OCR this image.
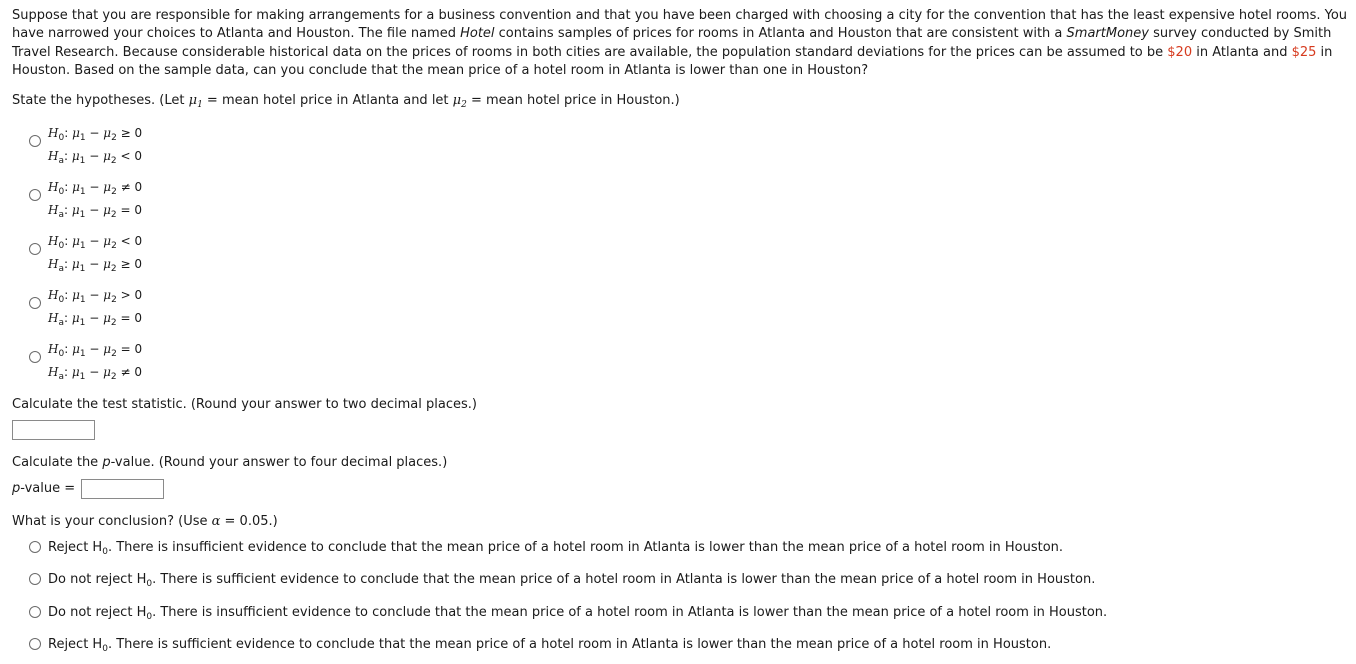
Suppose that you are responsible for making arrangements for a business convention and that you have been charged with choosing a city for the convention that has the least expensive hotel rooms. You have narrowed your choices to Atlanta and Houston. The file named Hotel contains samples of prices for rooms in Atlanta and Houston that are consistent with a SmartMoney survey conducted by Smith Travel Research. Because considerable historical data on the prices of rooms in both cities are available, the population standard deviations for the prices can be assumed to be $20 in Atlanta and $25 in Houston. Based on the sample data, can you conclude that the mean price of a hotel room in Atlanta is lower than one in Houston?
State the hypotheses. (Let $\mu_1$ = mean hotel price in Atlanta and let $\mu_2$ = mean hotel price in Houston.)
$H_0$: $\mu_1 - \mu_2 \ge 0$
$H_a$: $\mu_1 - \mu_2 < 0$
$H_0$: $\mu_1 - \mu_2 \ne 0$
$H_a$: $\mu_1 - \mu_2 = 0$
$H_0$: $\mu_1 - \mu_2 < 0$
$H_a$: $\mu_1 - \mu_2 \ge 0$
$H_0$: $\mu_1 - \mu_2 > 0$
$H_a$: $\mu_1 - \mu_2 = 0$
$H_0$: $\mu_1 - \mu_2 = 0$
$H_a$: $\mu_1 - \mu_2 \ne 0$
Calculate the test statistic. (Round your answer to two decimal places.)
Calculate the p-value. (Round your answer to four decimal places.)
p-value =
What is your conclusion? (Use α = 0.05.)
Reject $H_0$. There is insufficient evidence to conclude that the mean price of a hotel room in Atlanta is lower than the mean price of a hotel room in Houston.
Do not reject $H_0$. There is sufficient evidence to conclude that the mean price of a hotel room in Atlanta is lower than the mean price of a hotel room in Houston.
Do not reject $H_0$. There is insufficient evidence to conclude that the mean price of a hotel room in Atlanta is lower than the mean price of a hotel room in Houston.
Reject $H_0$. There is sufficient evidence to conclude that the mean price of a hotel room in Atlanta is lower than the mean price of a hotel room in Houston.
